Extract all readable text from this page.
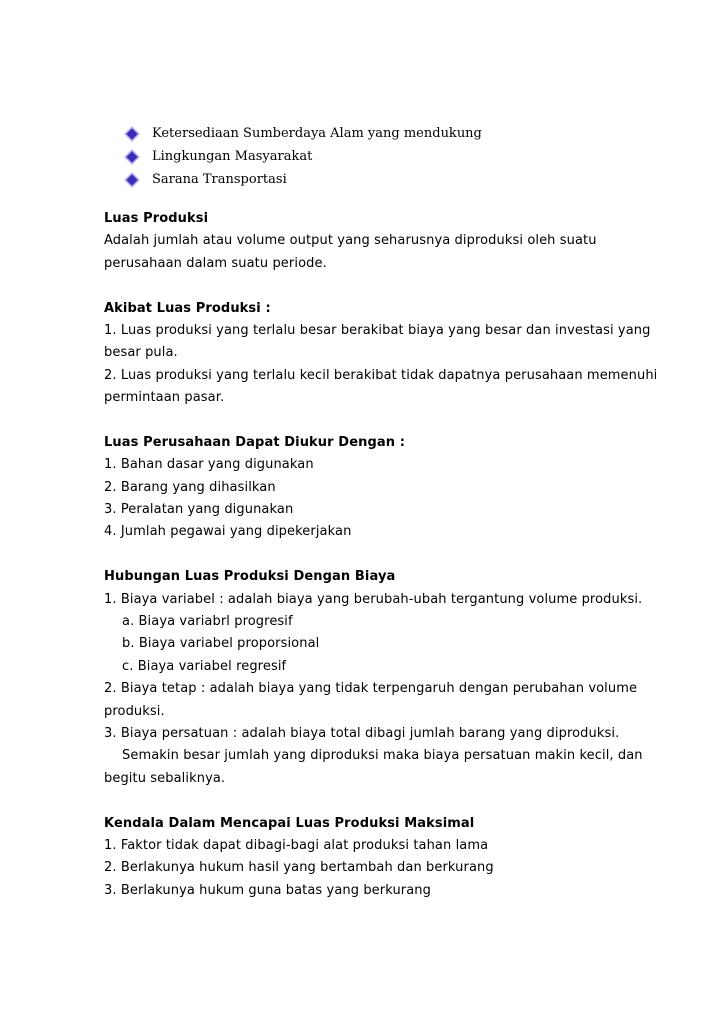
Ketersediaan Sumberdaya Alam yang mendukung
Lingkungan Masyarakat
Sarana Transportasi
Luas Produksi
Adalah jumlah atau volume output yang seharusnya diproduksi oleh suatu
perusahaan dalam suatu periode.
Akibat Luas Produksi :
1. Luas produksi yang terlalu besar berakibat biaya yang besar dan investasi yang
besar pula.
2. Luas produksi yang terlalu kecil berakibat tidak dapatnya perusahaan memenuhi
permintaan pasar.
Luas Perusahaan Dapat Diukur Dengan :
1. Bahan dasar yang digunakan
2. Barang yang dihasilkan
3. Peralatan yang digunakan
4. Jumlah pegawai yang dipekerjakan
Hubungan Luas Produksi Dengan Biaya
1. Biaya variabel : adalah biaya yang berubah-ubah tergantung volume produksi.
a. Biaya variabrl progresif
b. Biaya variabel proporsional
c. Biaya variabel regresif
2. Biaya tetap : adalah biaya yang tidak terpengaruh dengan perubahan volume
produksi.
3. Biaya persatuan : adalah biaya total dibagi jumlah barang yang diproduksi.
Semakin besar jumlah yang diproduksi maka biaya persatuan makin kecil, dan
begitu sebaliknya.
Kendala Dalam Mencapai Luas Produksi Maksimal
1. Faktor tidak dapat dibagi-bagi alat produksi tahan lama
2. Berlakunya hukum hasil yang bertambah dan berkurang
3. Berlakunya hukum guna batas yang berkurang
